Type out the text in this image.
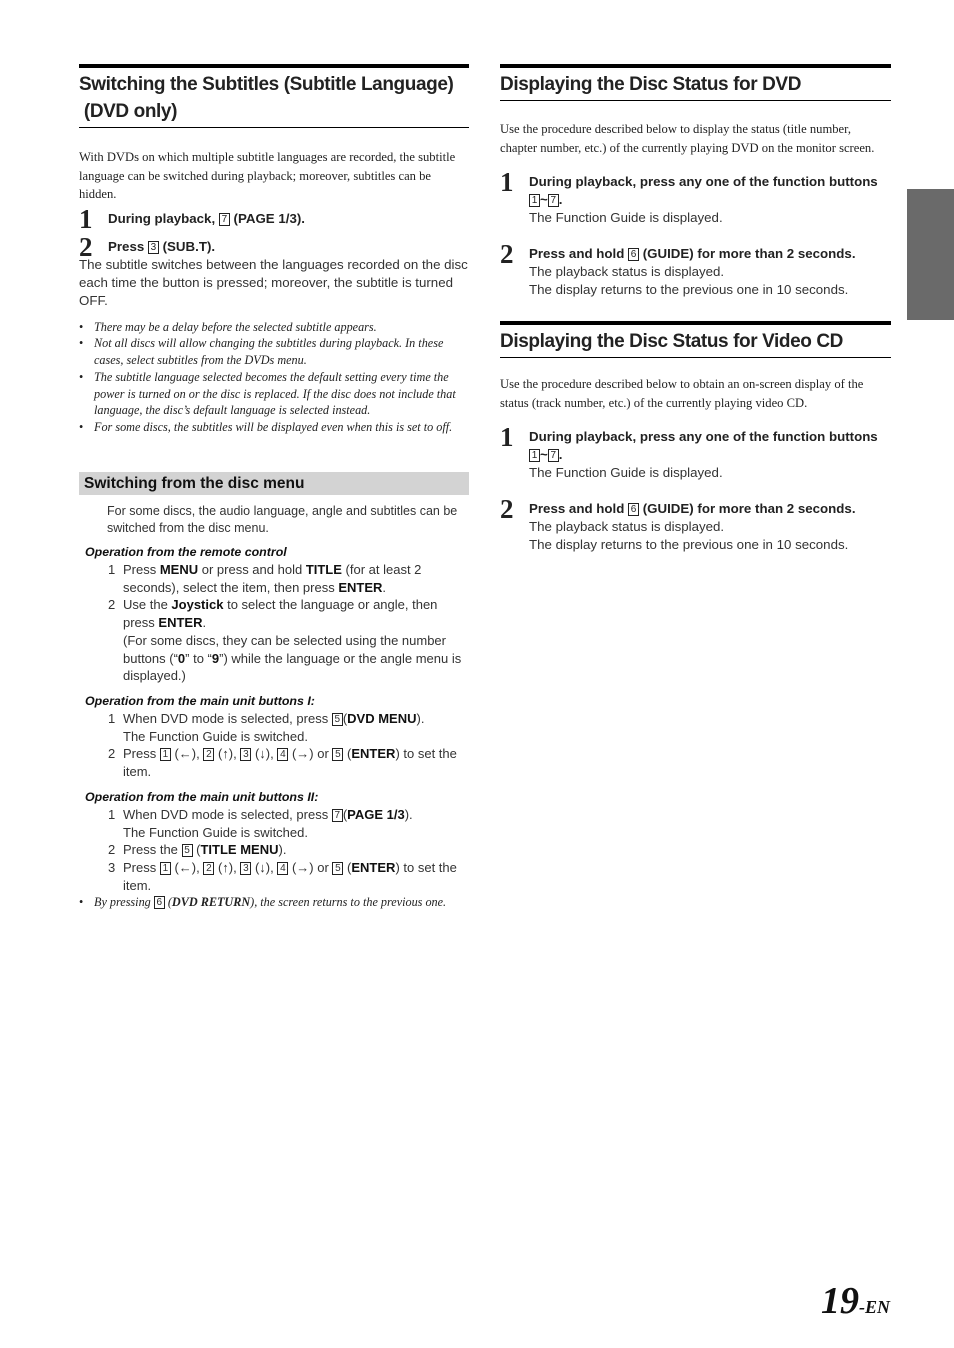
Switching the Subtitles (Subtitle Language)
(DVD only)

With DVDs on which multiple subtitle languages are recorded, the subtitle language can be switched during playback; moreover, subtitles can be hidden.

1 During playback, 7 (PAGE 1/3).
2 Press 3 (SUB.T).

The subtitle switches between the languages recorded on the disc each time the button is pressed; moreover, the subtitle is turned OFF.

• There may be a delay before the selected subtitle appears.
• Not all discs will allow changing the subtitles during playback. In these cases, select subtitles from the DVDs menu.
• The subtitle language selected becomes the default setting every time the power is turned on or the disc is replaced. If the disc does not include that language, the disc’s default language is selected instead.
• For some discs, the subtitles will be displayed even when this is set to off.
Switching from the disc menu
For some discs, the audio language, angle and subtitles can be switched from the disc menu.
Operation from the remote control
1 Press MENU or press and hold TITLE (for at least 2 seconds), select the item, then press ENTER.
2 Use the Joystick to select the language or angle, then press ENTER.
(For some discs, they can be selected using the number buttons (“0” to “9”) while the language or the angle menu is displayed.)
Operation from the main unit buttons I:
1 When DVD mode is selected, press 5 (DVD MENU).
The Function Guide is switched.
2 Press 1 (←), 2 (↑), 3 (↓), 4 (→) or 5 (ENTER) to set the item.
Operation from the main unit buttons II:
1 When DVD mode is selected, press 7 (PAGE 1/3).
The Function Guide is switched.
2 Press the 5 (TITLE MENU).
3 Press 1 (←), 2 (↑), 3 (↓), 4 (→) or 5 (ENTER) to set the item.
• By pressing 6 (DVD RETURN), the screen returns to the previous one.
Displaying the Disc Status for DVD

Use the procedure described below to display the status (title number, chapter number, etc.) of the currently playing DVD on the monitor screen.

1 During playback, press any one of the function buttons 1 ~ 7 .
The Function Guide is displayed.
2 Press and hold 6 (GUIDE) for more than 2 seconds.
The playback status is displayed.
The display returns to the previous one in 10 seconds.
Displaying the Disc Status for Video CD

Use the procedure described below to obtain an on-screen display of the status (track number, etc.) of the currently playing video CD.

1 During playback, press any one of the function buttons 1 ~ 7 .
The Function Guide is displayed.
2 Press and hold 6 (GUIDE) for more than 2 seconds.
The playback status is displayed.
The display returns to the previous one in 10 seconds.
19-EN
